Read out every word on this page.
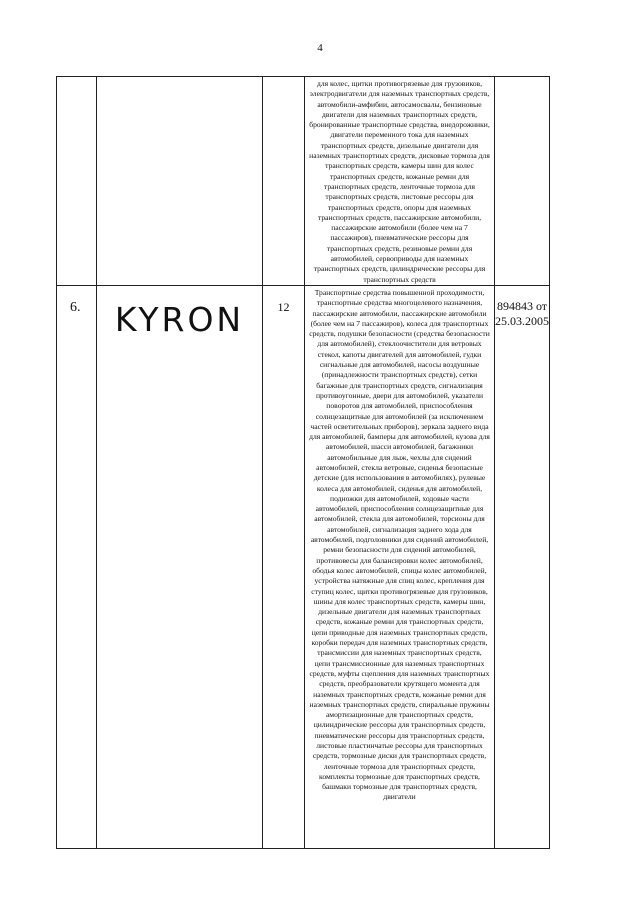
4

			для колес, щитки противогрязевые для грузовиков, электродвигатели для наземных транспортных средств, автомобили-амфибии, автосамосвалы, бензиновые двигатели для наземных транспортных средств, бронированные транспортные средства, внедорожники, двигатели переменного тока для наземных транспортных средств, дизельные двигатели для наземных транспортных средств, дисковые тормоза для транспортных средств, камеры шин для колес транспортных средств, кожаные ремни для транспортных средств, ленточные тормоза для транспортных средств, листовые рессоры для транспортных средств, опоры для наземных транспортных средств, пассажирские автомобили, пассажирские автомобили (более чем на 7 пассажиров), пневматические рессоры для транспортных средств, резиновые ремни для автомобилей, сервоприводы для наземных транспортных средств, цилиндрические рессоры для транспортных средств	

6.	KYRON	12	Транспортные средства повышенной проходимости, транспортные средства многоцелевого назначения, пассажирские автомобили, пассажирские автомобили (более чем на 7 пассажиров), колеса для транспортных средств, подушки безопасности (средства безопасности для автомобилей), стеклоочистители для ветровых стекол, капоты двигателей для автомобилей, гудки сигнальные для автомобилей, насосы воздушные (принадлежности транспортных средств), сетки багажные для транспортных средств, сигнализация противоугонные, двери для автомобилей, указатели поворотов для автомобилей, приспособления солнцезащитные для автомобилей (за исключением частей осветительных приборов), зеркала заднего вида для автомобилей, бамперы для автомобилей, кузова для автомобилей, шасси автомобилей, багажники автомобильные для лыж, чехлы для сидений автомобилей, стекла ветровые, сиденья безопасные детские (для использования в автомобилях), рулевые колеса для автомобилей, сиденья для автомобилей, подножки для автомобилей, ходовые части автомобилей, приспособления солнцезащитные для автомобилей, стекла для автомобилей, торсионы для автомобилей, сигнализация заднего хода для автомобилей, подголовники для сидений автомобилей, ремни безопасности для сидений автомобилей, противовесы для балансировки колес автомобилей, ободья колес автомобилей, спицы колес автомобилей, устройства натяжные для спиц колес, крепления для ступиц колес, щитки противогрязевые для грузовиков, шины для колес транспортных средств, камеры шин, дизельные двигатели для наземных транспортных средств, кожаные ремни для транспортных средств, цепи приводные для наземных транспортных средств, коробки передач для наземных транспортных средств, трансмиссии для наземных транспортных средств, цепи трансмиссионные для наземных транспортных средств, муфты сцепления для наземных транспортных средств, преобразователи крутящего момента для наземных транспортных средств, кожаные ремни для наземных транспортных средств, спиральные пружины амортизационные для транспортных средств, цилиндрические рессоры для транспортных средств, пневматические рессоры для транспортных средств, листовые пластинчатые рессоры для транспортных средств, тормозные диски для транспортных средств, ленточные тормоза для транспортных средств, комплекты тормозные для транспортных средств, башмаки тормозные для транспортных средств, двигатели	894843 от
25.03.2005
